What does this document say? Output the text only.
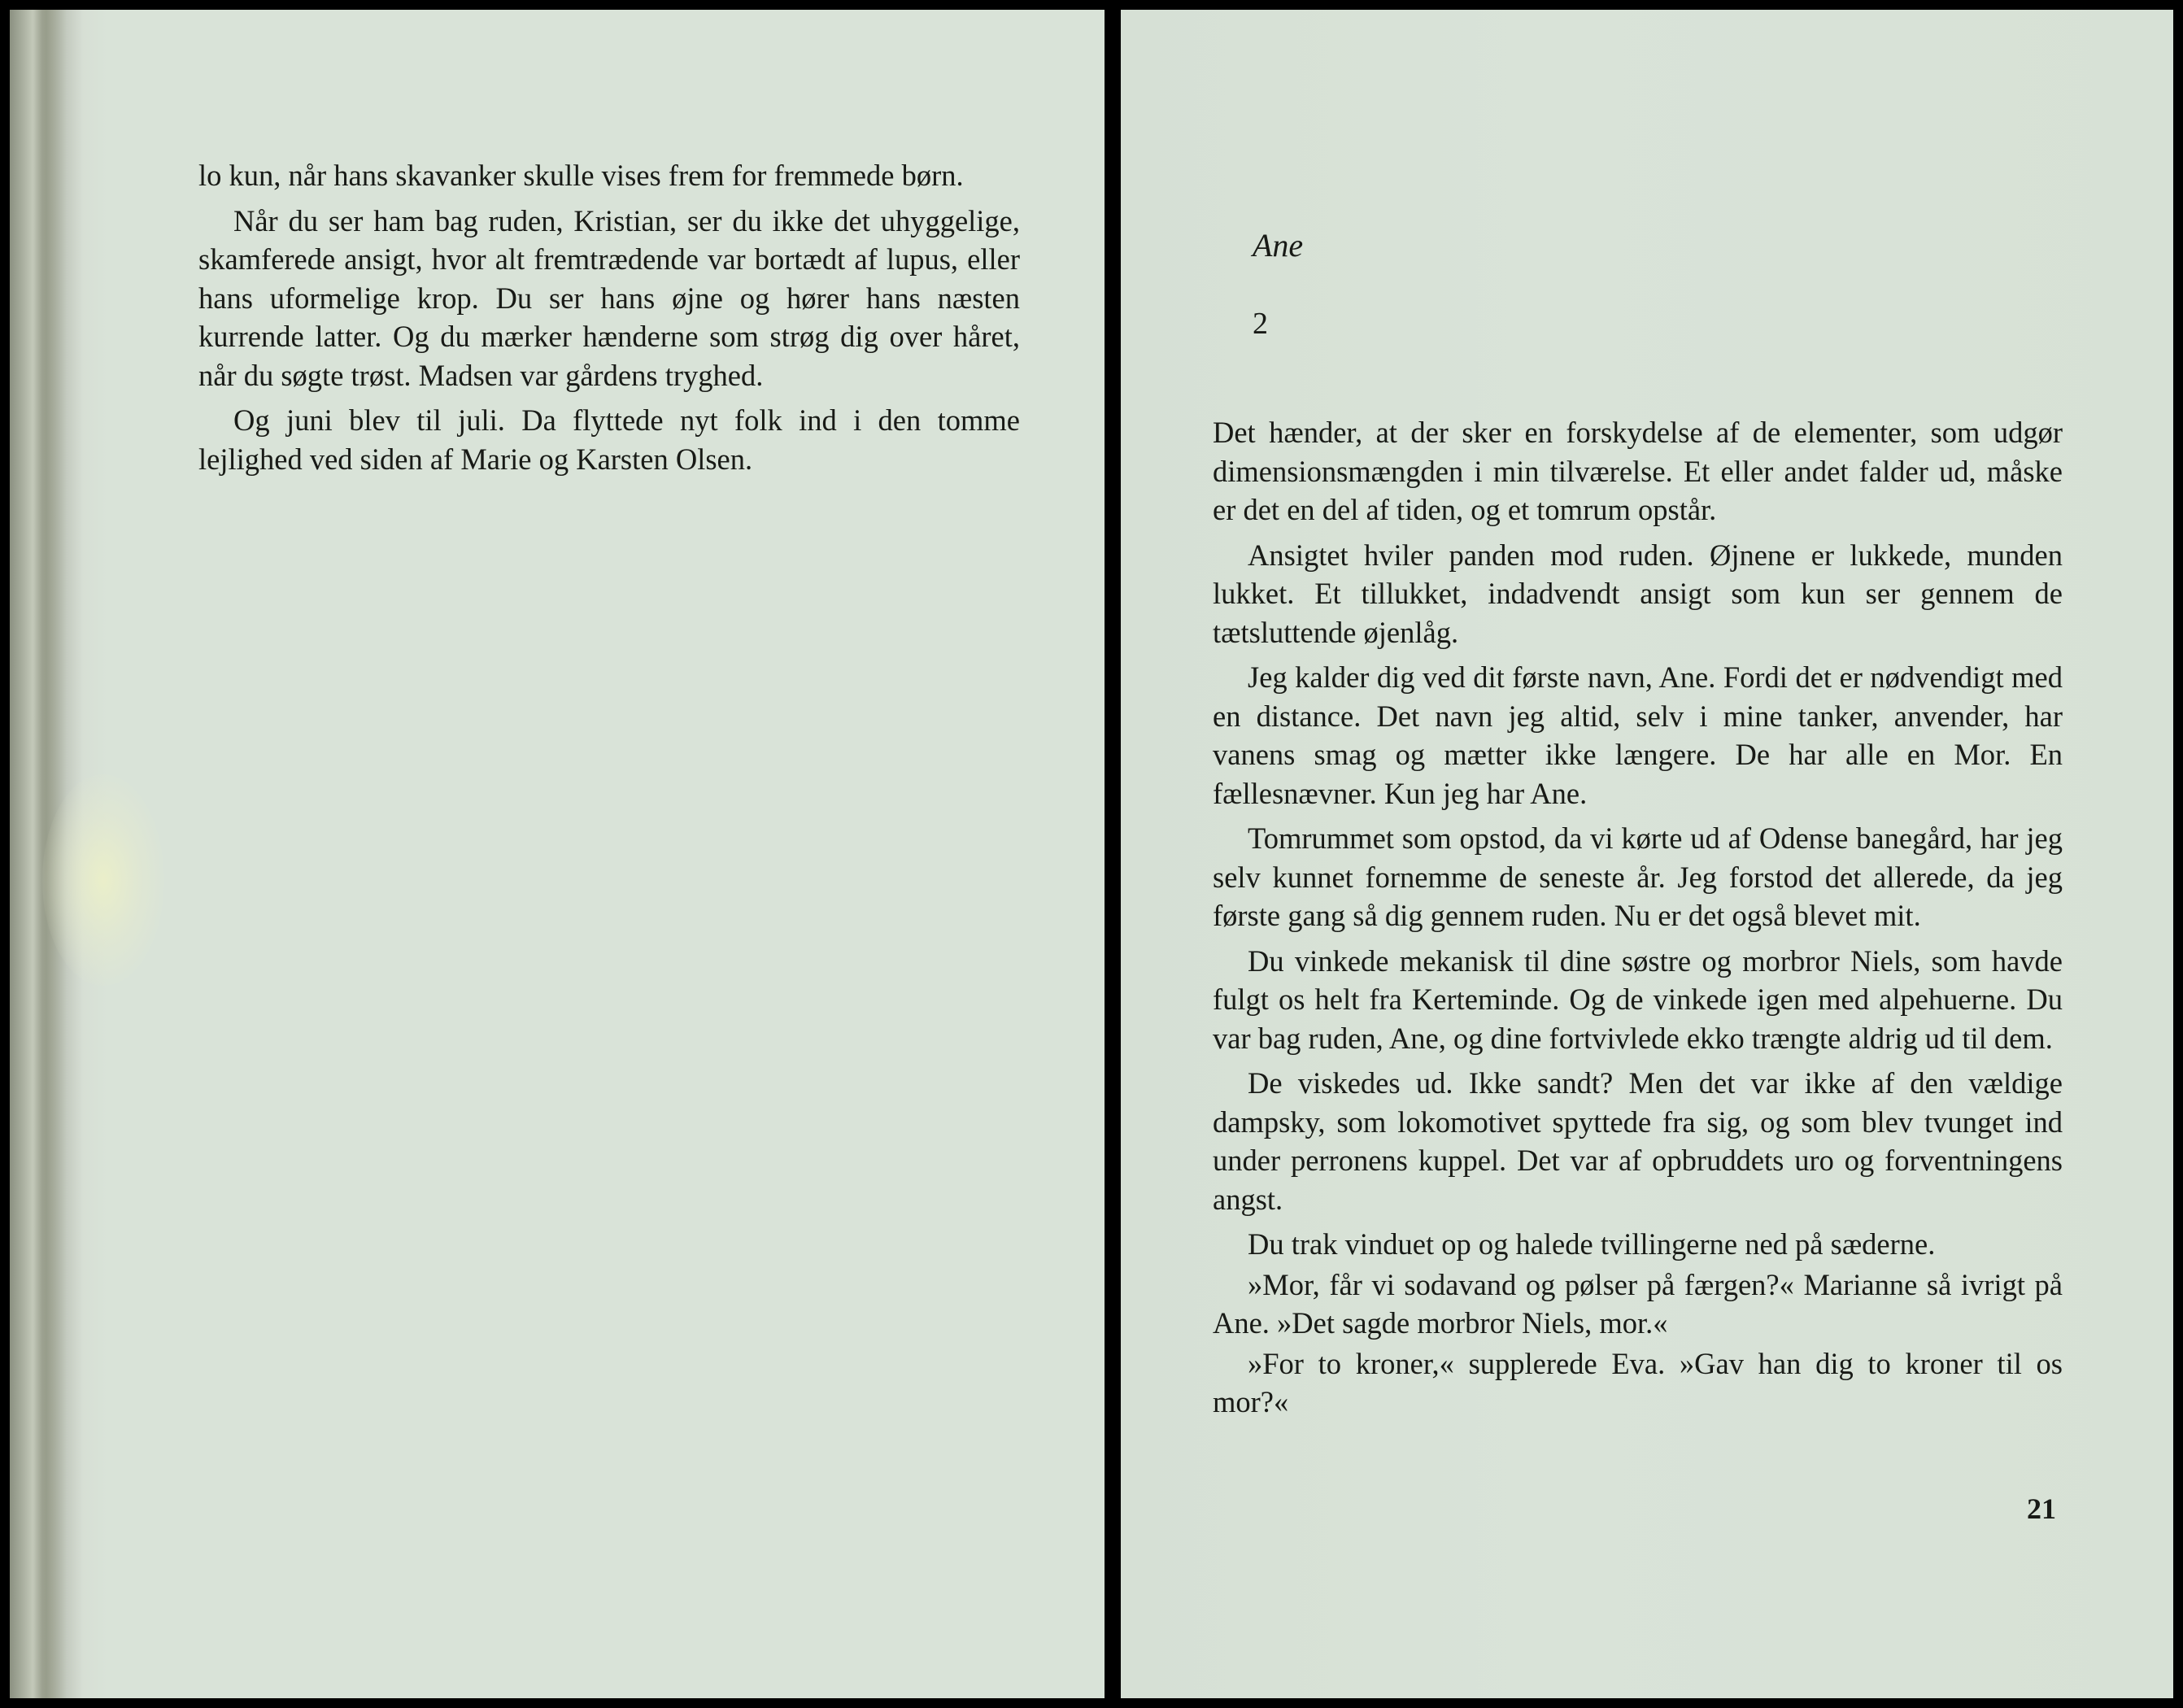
lo kun, når hans skavanker skulle vises frem for fremmede børn.

Når du ser ham bag ruden, Kristian, ser du ikke det uhyggelige, skamferede ansigt, hvor alt fremtrædende var bortædt af lupus, eller hans uformelige krop. Du ser hans øjne og hører hans næsten kurrende latter. Og du mærker hænderne som strøg dig over håret, når du søgte trøst. Madsen var gårdens tryghed.

Og juni blev til juli. Da flyttede nyt folk ind i den tomme lejlighed ved siden af Marie og Karsten Olsen.

Ane
2

Det hænder, at der sker en forskydelse af de elementer, som udgør dimensionsmængden i min tilværelse. Et eller andet falder ud, måske er det en del af tiden, og et tomrum opstår.

Ansigtet hviler panden mod ruden. Øjnene er lukkede, munden lukket. Et tillukket, indadvendt ansigt som kun ser gennem de tætsluttende øjenlåg.

Jeg kalder dig ved dit første navn, Ane. Fordi det er nødvendigt med en distance. Det navn jeg altid, selv i mine tanker, anvender, har vanens smag og mætter ikke længere. De har alle en Mor. En fællesnævner. Kun jeg har Ane.

Tomrummet som opstod, da vi kørte ud af Odense banegård, har jeg selv kunnet fornemme de seneste år. Jeg forstod det allerede, da jeg første gang så dig gennem ruden. Nu er det også blevet mit.

Du vinkede mekanisk til dine søstre og morbror Niels, som havde fulgt os helt fra Kerteminde. Og de vinkede igen med alpehuerne. Du var bag ruden, Ane, og dine fortvivlede ekko trængte aldrig ud til dem.

De viskedes ud. Ikke sandt? Men det var ikke af den vældige dampsky, som lokomotivet spyttede fra sig, og som blev tvunget ind under perronens kuppel. Det var af opbruddets uro og forventningens angst.

Du trak vinduet op og halede tvillingerne ned på sæderne.

»Mor, får vi sodavand og pølser på færgen?« Marianne så ivrigt på Ane. »Det sagde morbror Niels, mor.«

»For to kroner,« supplerede Eva. »Gav han dig to kroner til os mor?«

21
